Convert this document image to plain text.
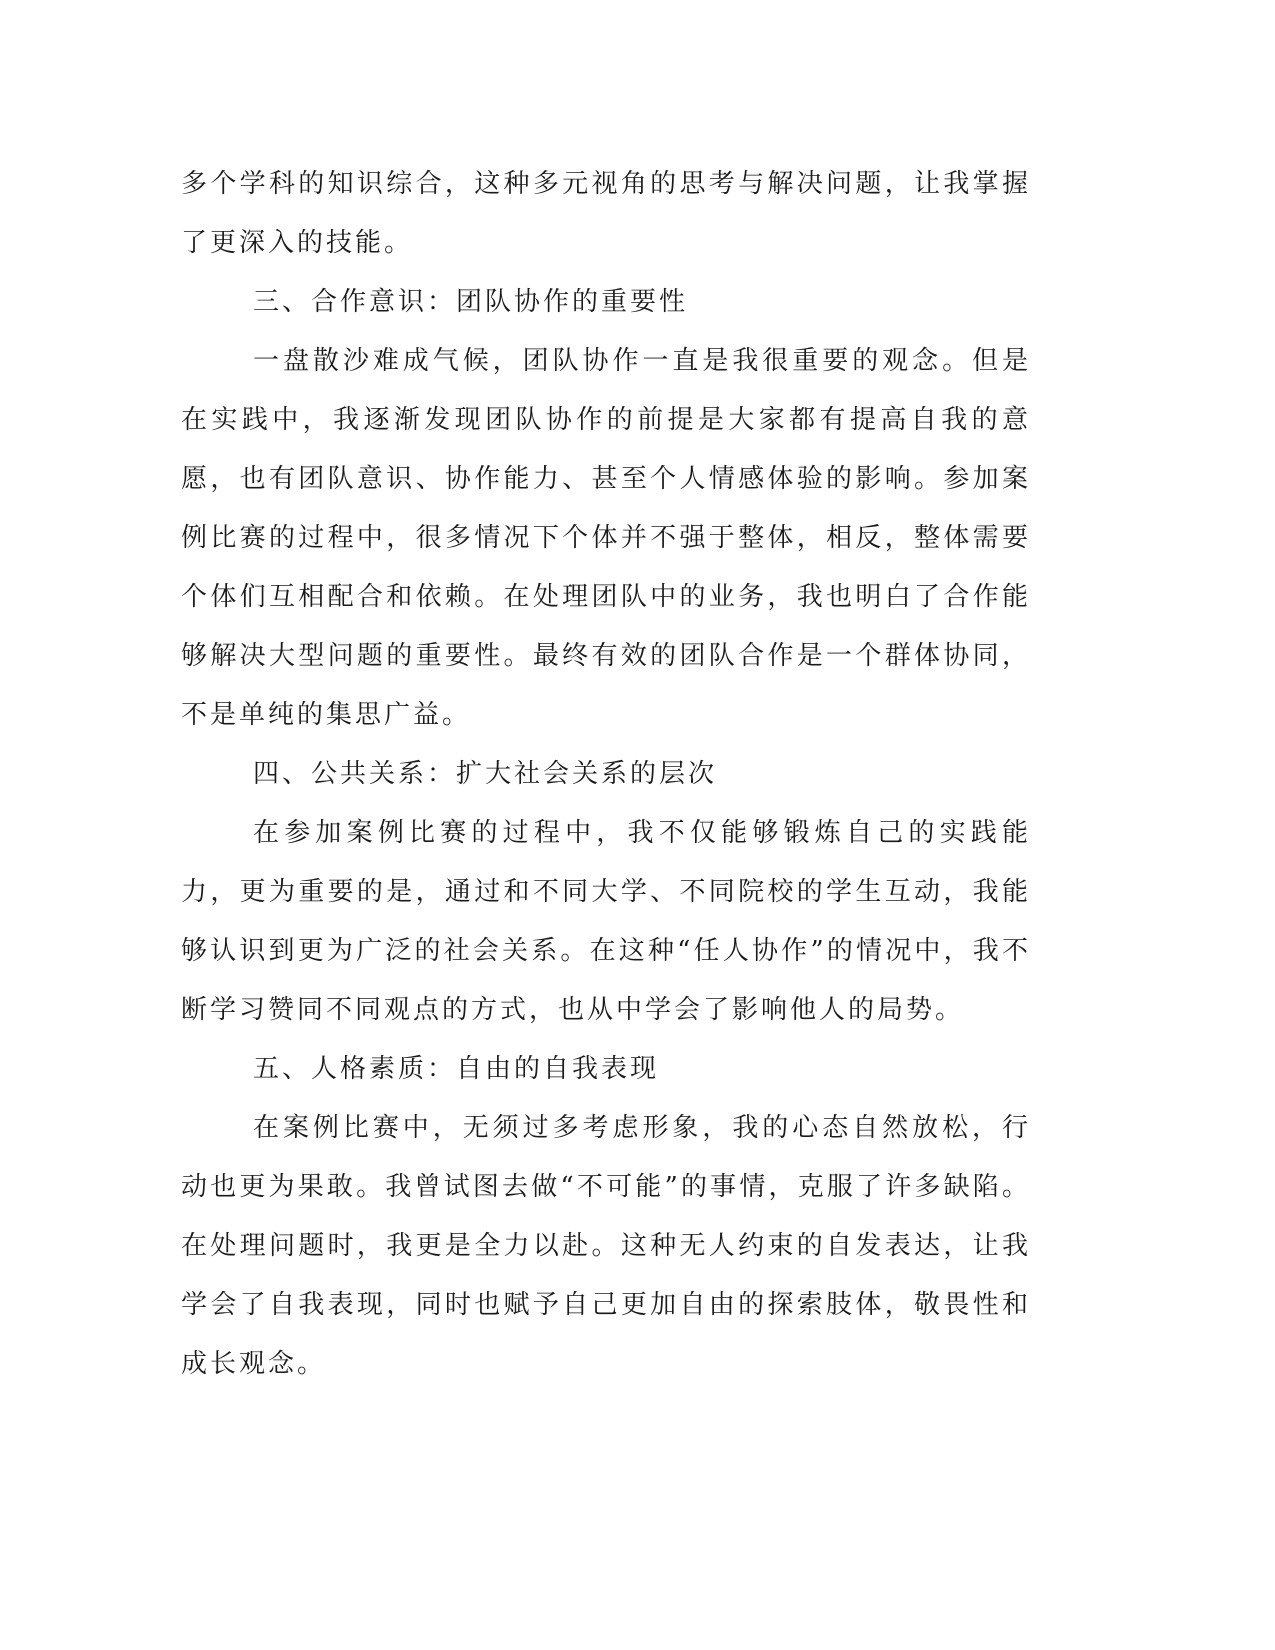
多个学科的知识综合，这种多元视角的思考与解决问题，让我掌握了更深入的技能。

三、合作意识：团队协作的重要性

一盘散沙难成气候，团队协作一直是我很重要的观念。但是在实践中，我逐渐发现团队协作的前提是大家都有提高自我的意愿，也有团队意识、协作能力、甚至个人情感体验的影响。参加案例比赛的过程中，很多情况下个体并不强于整体，相反，整体需要个体们互相配合和依赖。在处理团队中的业务，我也明白了合作能够解决大型问题的重要性。最终有效的团队合作是一个群体协同，不是单纯的集思广益。

四、公共关系：扩大社会关系的层次

在参加案例比赛的过程中，我不仅能够锻炼自己的实践能力，更为重要的是，通过和不同大学、不同院校的学生互动，我能够认识到更为广泛的社会关系。在这种“任人协作”的情况中，我不断学习赞同不同观点的方式，也从中学会了影响他人的局势。

五、人格素质：自由的自我表现

在案例比赛中，无须过多考虑形象，我的心态自然放松，行动也更为果敢。我曾试图去做“不可能”的事情，克服了许多缺陷。在处理问题时，我更是全力以赴。这种无人约束的自发表达，让我学会了自我表现，同时也赋予自己更加自由的探索肢体，敬畏性和成长观念。
